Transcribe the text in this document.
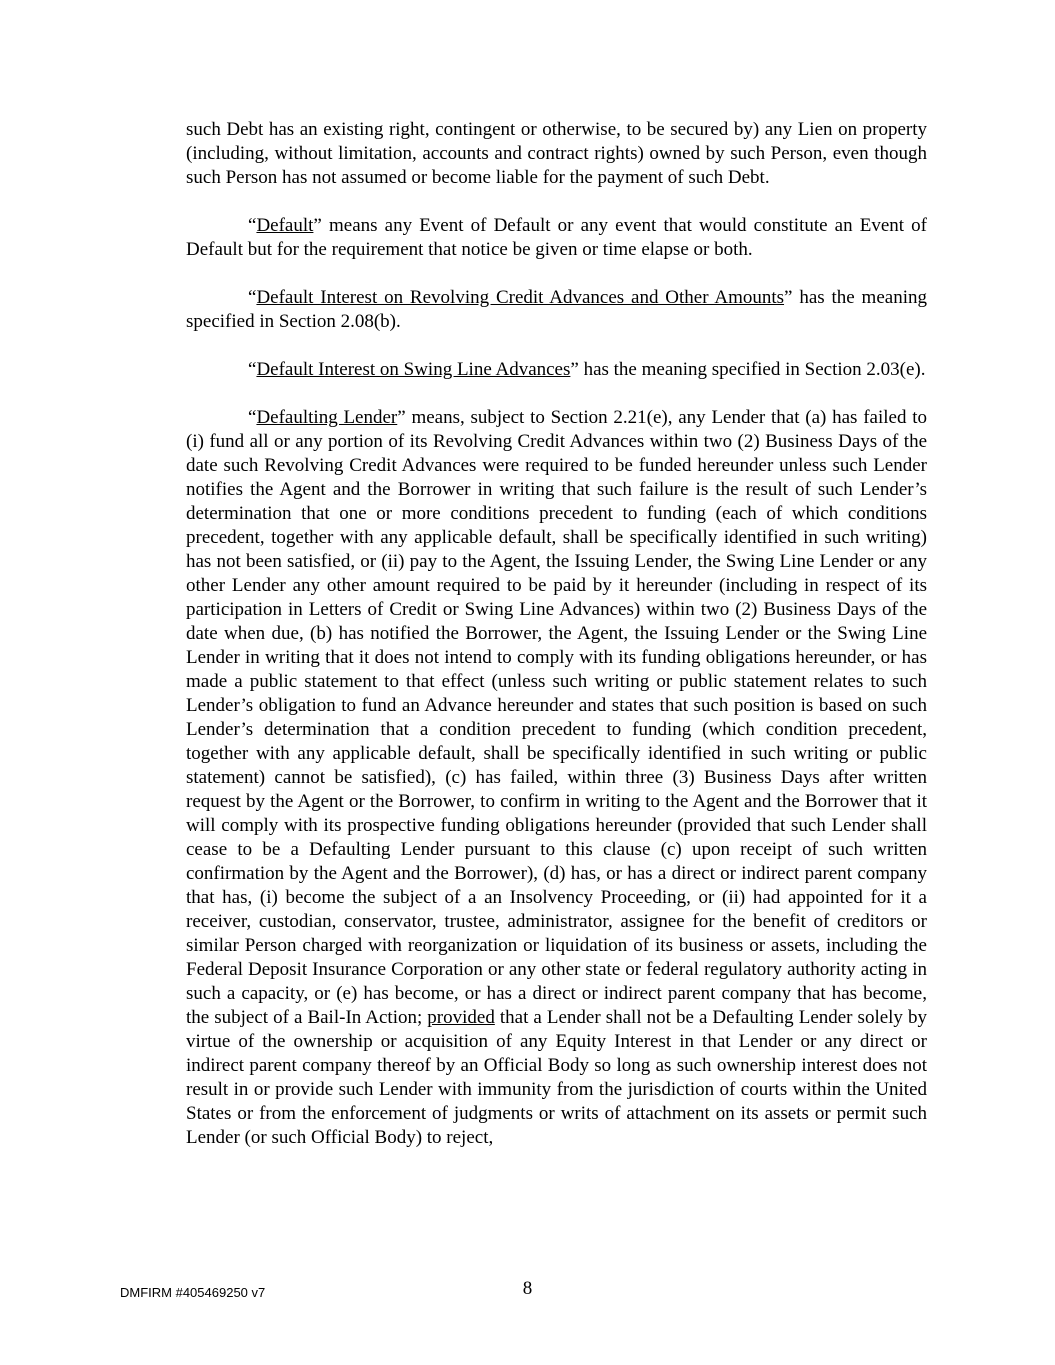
such Debt has an existing right, contingent or otherwise, to be secured by) any Lien on property (including, without limitation, accounts and contract rights) owned by such Person, even though such Person has not assumed or become liable for the payment of such Debt.

“Default” means any Event of Default or any event that would constitute an Event of Default but for the requirement that notice be given or time elapse or both.

“Default Interest on Revolving Credit Advances and Other Amounts” has the meaning specified in Section 2.08(b).

“Default Interest on Swing Line Advances” has the meaning specified in Section 2.03(e).

“Defaulting Lender” means, subject to Section 2.21(e), any Lender that (a) has failed to (i) fund all or any portion of its Revolving Credit Advances within two (2) Business Days of the date such Revolving Credit Advances were required to be funded hereunder unless such Lender notifies the Agent and the Borrower in writing that such failure is the result of such Lender’s determination that one or more conditions precedent to funding (each of which conditions precedent, together with any applicable default, shall be specifically identified in such writing) has not been satisfied, or (ii) pay to the Agent, the Issuing Lender, the Swing Line Lender or any other Lender any other amount required to be paid by it hereunder (including in respect of its participation in Letters of Credit or Swing Line Advances) within two (2) Business Days of the date when due, (b) has notified the Borrower, the Agent, the Issuing Lender or the Swing Line Lender in writing that it does not intend to comply with its funding obligations hereunder, or has made a public statement to that effect (unless such writing or public statement relates to such Lender’s obligation to fund an Advance hereunder and states that such position is based on such Lender’s determination that a condition precedent to funding (which condition precedent, together with any applicable default, shall be specifically identified in such writing or public statement) cannot be satisfied), (c) has failed, within three (3) Business Days after written request by the Agent or the Borrower, to confirm in writing to the Agent and the Borrower that it will comply with its prospective funding obligations hereunder (provided that such Lender shall cease to be a Defaulting Lender pursuant to this clause (c) upon receipt of such written confirmation by the Agent and the Borrower), (d) has, or has a direct or indirect parent company that has, (i) become the subject of a an Insolvency Proceeding, or (ii) had appointed for it a receiver, custodian, conservator, trustee, administrator, assignee for the benefit of creditors or similar Person charged with reorganization or liquidation of its business or assets, including the Federal Deposit Insurance Corporation or any other state or federal regulatory authority acting in such a capacity, or (e) has become, or has a direct or indirect parent company that has become, the subject of a Bail-In Action; provided that a Lender shall not be a Defaulting Lender solely by virtue of the ownership or acquisition of any Equity Interest in that Lender or any direct or indirect parent company thereof by an Official Body so long as such ownership interest does not result in or provide such Lender with immunity from the jurisdiction of courts within the United States or from the enforcement of judgments or writs of attachment on its assets or permit such Lender (or such Official Body) to reject,

DMFIRM #405469250 v7	8
